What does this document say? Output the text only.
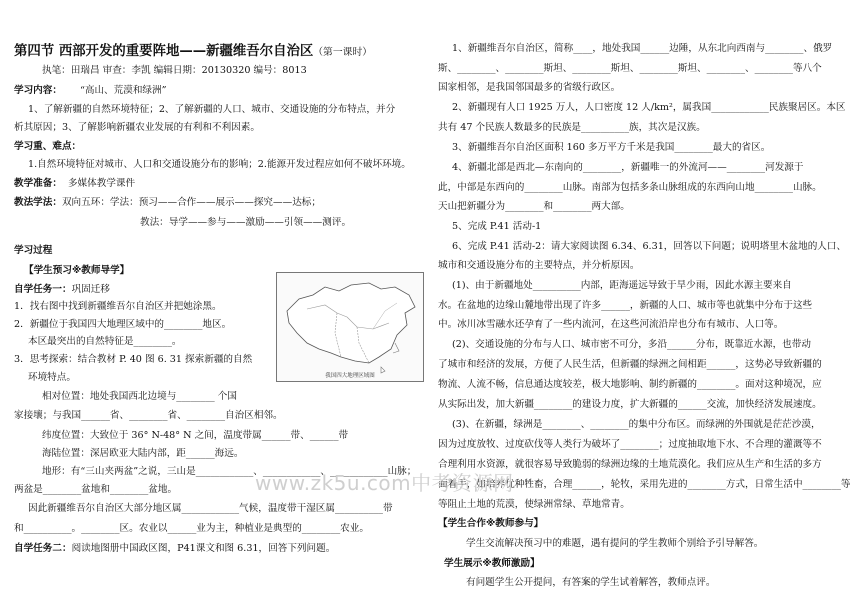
第四节 西部开发的重要阵地——新疆维吾尔自治区（第一课时）
执笔：田瑞昌 审查：李凯 编辑日期：20130320 编号：8013
学习内容： “高山、荒漠和绿洲”
1、了解新疆的自然环境特征；2、了解新疆的人口、城市、交通设施的分布特点，并分
析其原因；3、了解影响新疆农业发展的有利和不利因素。
学习重、难点：
1.自然环境特征对城市、人口和交通设施分布的影响；2.能源开发过程应如何不破坏环境。
教学准备： 多媒体教学课件
教法学法：双向五环：学法：预习——合作——展示——探究——达标；
教法：导学——参与——激励——引领——测评。
学习过程
【学生预习※教师导学】
自学任务一：巩固迁移
1．找右图中找到新疆维吾尔自治区并把她涂黑。
2．新疆位于我国四大地理区域中的________地区。
本区最突出的自然特征是________。
3．思考探索：结合教材 P. 40 图 6. 31 探索新疆的自然
环境特点。
相对位置：地处我国西北边境与________ 个国
家接壤；与我国______省、________省、________自治区相邻。
纬度位置：大致位于 36° N-48° N 之间，温度带属______带、______带
海陆位置：深居欧亚大陆内部，距______海远。
地形：有“三山夹两盆”之说，三山是____________、____________、____________山脉；
两盆是________盆地和________盆地。
因此新疆维吾尔自治区大部分地区属____________气候，温度带干湿区属__________带
和__________。________区。农业以______业为主，种植业是典型的________农业。
自学任务二：阅读地图册中国政区图，P41课文和图 6.31，回答下列问题。
我国四大地理区域图
1、新疆维吾尔自治区，简称____，地处我国______边陲，从东北向西南与________、俄罗
斯、________、________斯坦、________斯坦、________斯坦、________、________等八个
国家相邻，是我国邻国最多的省级行政区。
2、新疆现有人口 1925 万人，人口密度 12 人/km²，属我国____________民族聚居区。本区
共有 47 个民族人数最多的民族是__________族，其次是汉族。
3、新疆维吾尔自治区面积 160 多万平方千米是我国________最大的省区。
4、新疆北部是西北—东南向的________，新疆唯一的外流河——________河发源于
此，中部是东西向的________山脉。南部为包括多条山脉组成的东西向山地________山脉。
天山把新疆分为________和________两大部。
5、完成 P.41 活动-1
6、完成 P.41 活动-2：请大家阅读图 6.34、6.31，回答以下问题；说明塔里木盆地的人口、
城市和交通设施分布的主要特点，并分析原因。
(1)、由于新疆地处__________内部，距海遥远导致于旱少雨，因此水源主要来自
水。在盆地的边缘山麓地带出现了许多______，新疆的人口、城市等也就集中分布于这些
中。冰川冰雪融水还孕育了一些内流河，在这些河流沿岸也分布有城市、人口等。
(2)、交通设施的分布与人口、城市密不可分，多沿______分布，既靠近水源，也带动
了城市和经济的发展，方便了人民生活，但新疆的绿洲之间相距______，这势必导致新疆的
物流、人流不畅，信息通达度较差，极大地影响、制约新疆的________。面对这种境况，应
从实际出发，加大新疆________的建设力度，扩大新疆的______交流，加快经济发展速度。
(3)、在新疆，绿洲是________、________的集中分布区。而绿洲的外围就是茫茫沙漠，
因为过度放牧、过度砍伐等人类行为破坏了________；过度抽取地下水、不合理的灌溉等不
合理利用水资源，就很容易导致脆弱的绿洲边缘的土地荒漠化。我们应从生产和生活的多方
面着手，如培养优种牲畜，合理______，轮牧，采用先进的________方式，日常生活中________等
等阻止土地的荒漠，使绿洲常绿、草地常青。
【学生合作※教师参与】
学生交流解决预习中的难题，遇有提问的学生教师个别给予引导解答。
学生展示※教师激励】
有问题学生公开提问，有答案的学生试着解答，教师点评。
www.zk5u.com中考资源网
